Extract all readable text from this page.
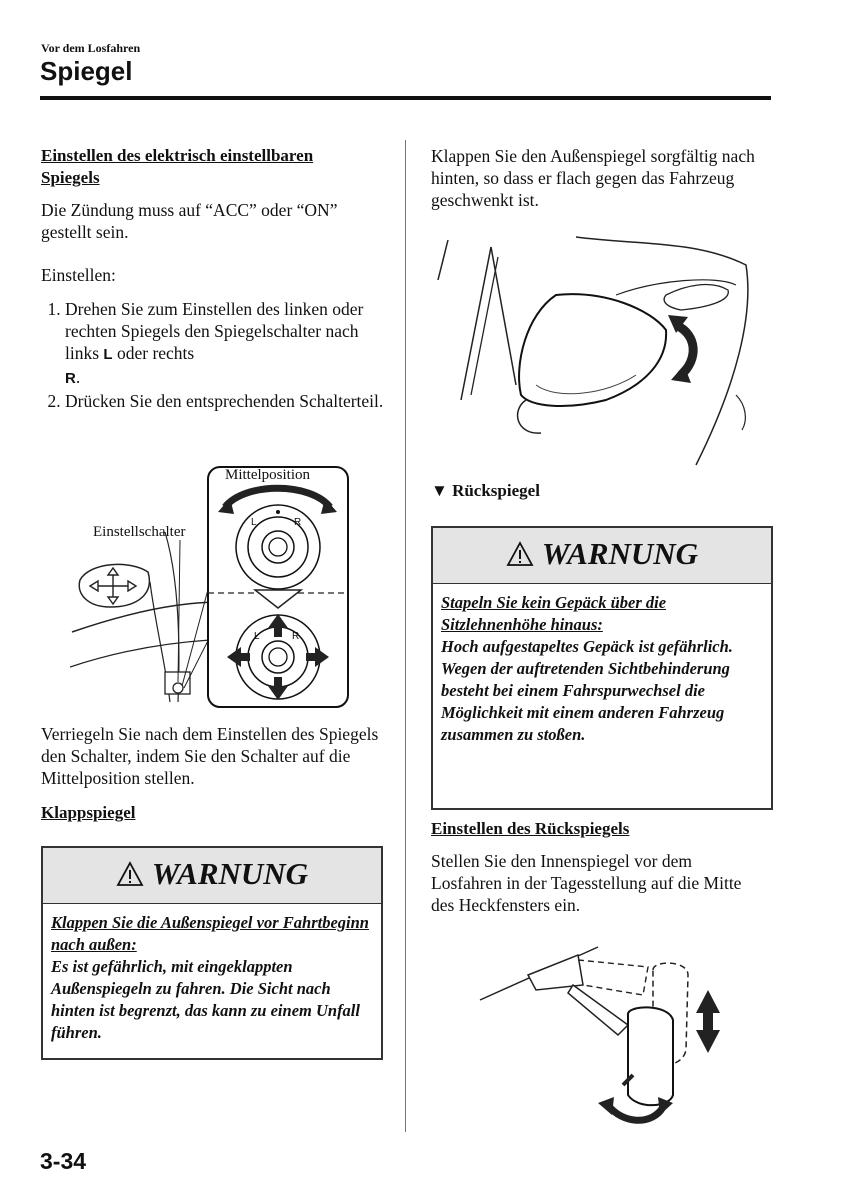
Vor dem Losfahren
Spiegel
Einstellen des elektrisch einstellbaren Spiegels
Die Zündung muss auf “ACC” oder “ON” gestellt sein.
Einstellen:
1. Drehen Sie zum Einstellen des linken oder rechten Spiegels den Spiegelschalter nach links L oder rechts
R.
2. Drücken Sie den entsprechenden Schalterteil.
Mittelposition
Einstellschalter
L	R
L	R
Verriegeln Sie nach dem Einstellen des Spiegels den Schalter, indem Sie den Schalter auf die Mittelposition stellen.
Klappspiegel
WARNUNG
Klappen Sie die Außenspiegel vor Fahrtbeginn nach außen:
Es ist gefährlich, mit eingeklappten Außenspiegeln zu fahren. Die Sicht nach hinten ist begrenzt, das kann zu einem Unfall führen.
Klappen Sie den Außenspiegel sorgfältig nach hinten, so dass er flach gegen das Fahrzeug geschwenkt ist.
▼ Rückspiegel
WARNUNG
Stapeln Sie kein Gepäck über die Sitzlehnenhöhe hinaus:
Hoch aufgestapeltes Gepäck ist gefährlich. Wegen der auftretenden Sichtbehinderung besteht bei einem Fahrspurwechsel die Möglichkeit mit einem anderen Fahrzeug zusammen zu stoßen.
Einstellen des Rückspiegels
Stellen Sie den Innenspiegel vor dem Losfahren in der Tagesstellung auf die Mitte des Heckfensters ein.
3-34
